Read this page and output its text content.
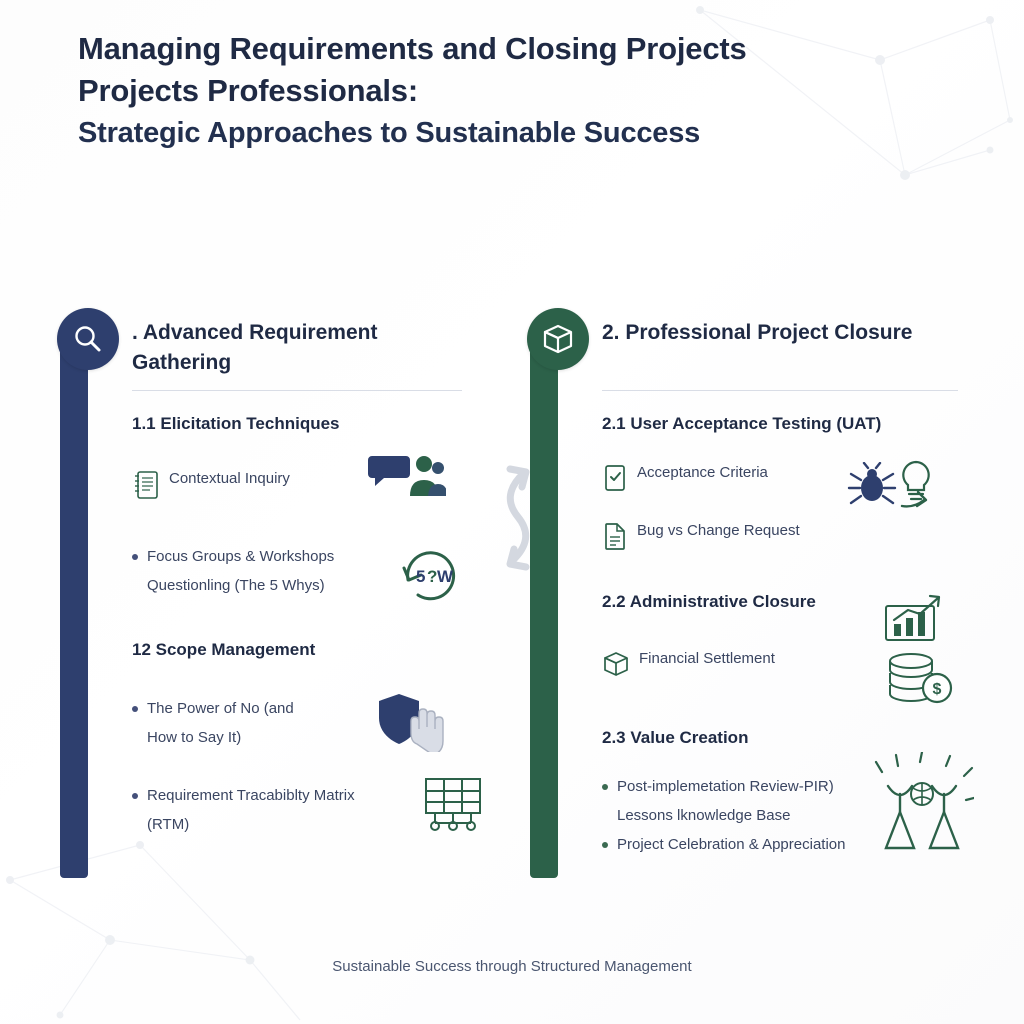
Managing Requirements and Closing Projects
Projects Professionals:
Strategic Approaches to Sustainable Success
. Advanced Requirement Gathering
1.1 Elicitation Techniques
Contextual Inquiry
Focus Groups & Workshops
Questionling (The 5 Whys)
12 Scope Management
The Power of No (and
How to Say It)
Requirement Tracabiblty Matrix
(RTM)
5 ? W
2. Professional Project Closure
2.1 User Acceptance Testing (UAT)
Acceptance Criteria
Bug vs Change Request
2.2 Administrative Closure
Financial Settlement
2.3 Value Creation
Post-implemetation Review-PIR)
Lessons lknowledge Base
Project Celebration & Appreciation
$
Sustainable Success through Structured Management
